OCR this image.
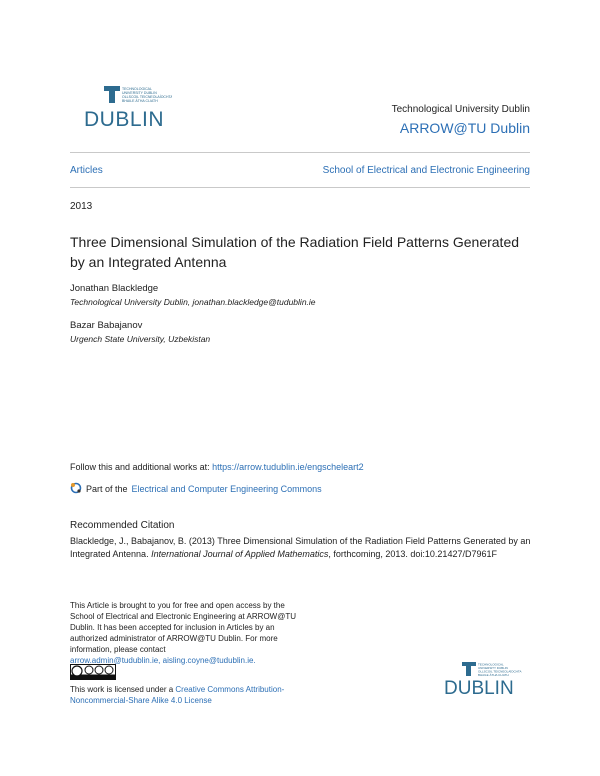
TECHNOLOGICAL
UNIVERSITY DUBLIN
OLLSCOIL TEICNEOLAÍOCHTA
BHAILE ÁTHA CLIATH
DUBLIN	Technological University Dublin
ARROW@TU Dublin
Articles	School of Electrical and Electronic Engineering
2013
Three Dimensional Simulation of the Radiation Field Patterns Generated by an Integrated Antenna
Jonathan Blackledge
Technological University Dublin, jonathan.blackledge@tudublin.ie
Bazar Babajanov
Urgench State University, Uzbekistan
Follow this and additional works at: https://arrow.tudublin.ie/engscheleart2
Part of the Electrical and Computer Engineering Commons
Recommended Citation
Blackledge, J., Babajanov, B. (2013) Three Dimensional Simulation of the Radiation Field Patterns Generated by an Integrated Antenna. International Journal of Applied Mathematics, forthcoming, 2013. doi:10.21427/D7961F
This Article is brought to you for free and open access by the School of Electrical and Electronic Engineering at ARROW@TU Dublin. It has been accepted for inclusion in Articles by an authorized administrator of ARROW@TU Dublin. For more information, please contact
arrow.admin@tudublin.ie, aisling.coyne@tudublin.ie.
This work is licensed under a Creative Commons Attribution-Noncommercial-Share Alike 4.0 License
TECHNOLOGICAL
UNIVERSITY DUBLIN
OLLSCOIL TEICNEOLAÍOCHTA
BHAILE ÁTHA CLIATH
DUBLIN
